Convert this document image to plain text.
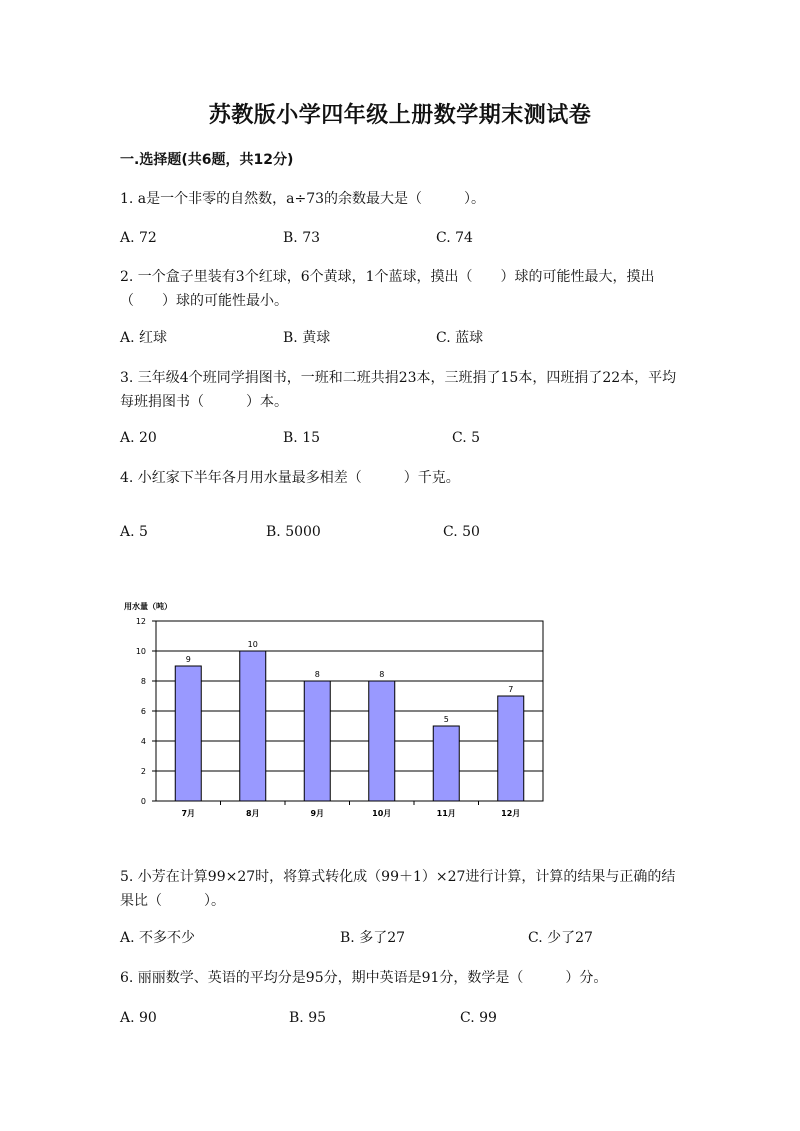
苏教版小学四年级上册数学期末测试卷
一.选择题(共6题，共12分)
1. a是一个非零的自然数，a÷73的余数最大是（　　　）。
A. 72	B. 73	C. 74
2. 一个盒子里装有3个红球，6个黄球，1个蓝球，摸出（　　）球的可能性最大，摸出（　　）球的可能性最小。
A. 红球	B. 黄球	C. 蓝球
3. 三年级4个班同学捐图书，一班和二班共捐23本，三班捐了15本，四班捐了22本，平均每班捐图书（　　　）本。
A. 20	B. 15	C. 5
4. 小红家下半年各月用水量最多相差（　　　）千克。
A. 5	B. 5000	C. 50
用水量（吨）
0
2
4
6
8
10
12
9
10
8	8
5
7
7月	8月	9月	10月	11月	12月
5. 小芳在计算99×27时，将算式转化成（99＋1）×27进行计算，计算的结果与正确的结果比（　　　）。
A. 不多不少	B. 多了27	C. 少了27
6. 丽丽数学、英语的平均分是95分，期中英语是91分，数学是（　　　）分。
A. 90	B. 95	C. 99
